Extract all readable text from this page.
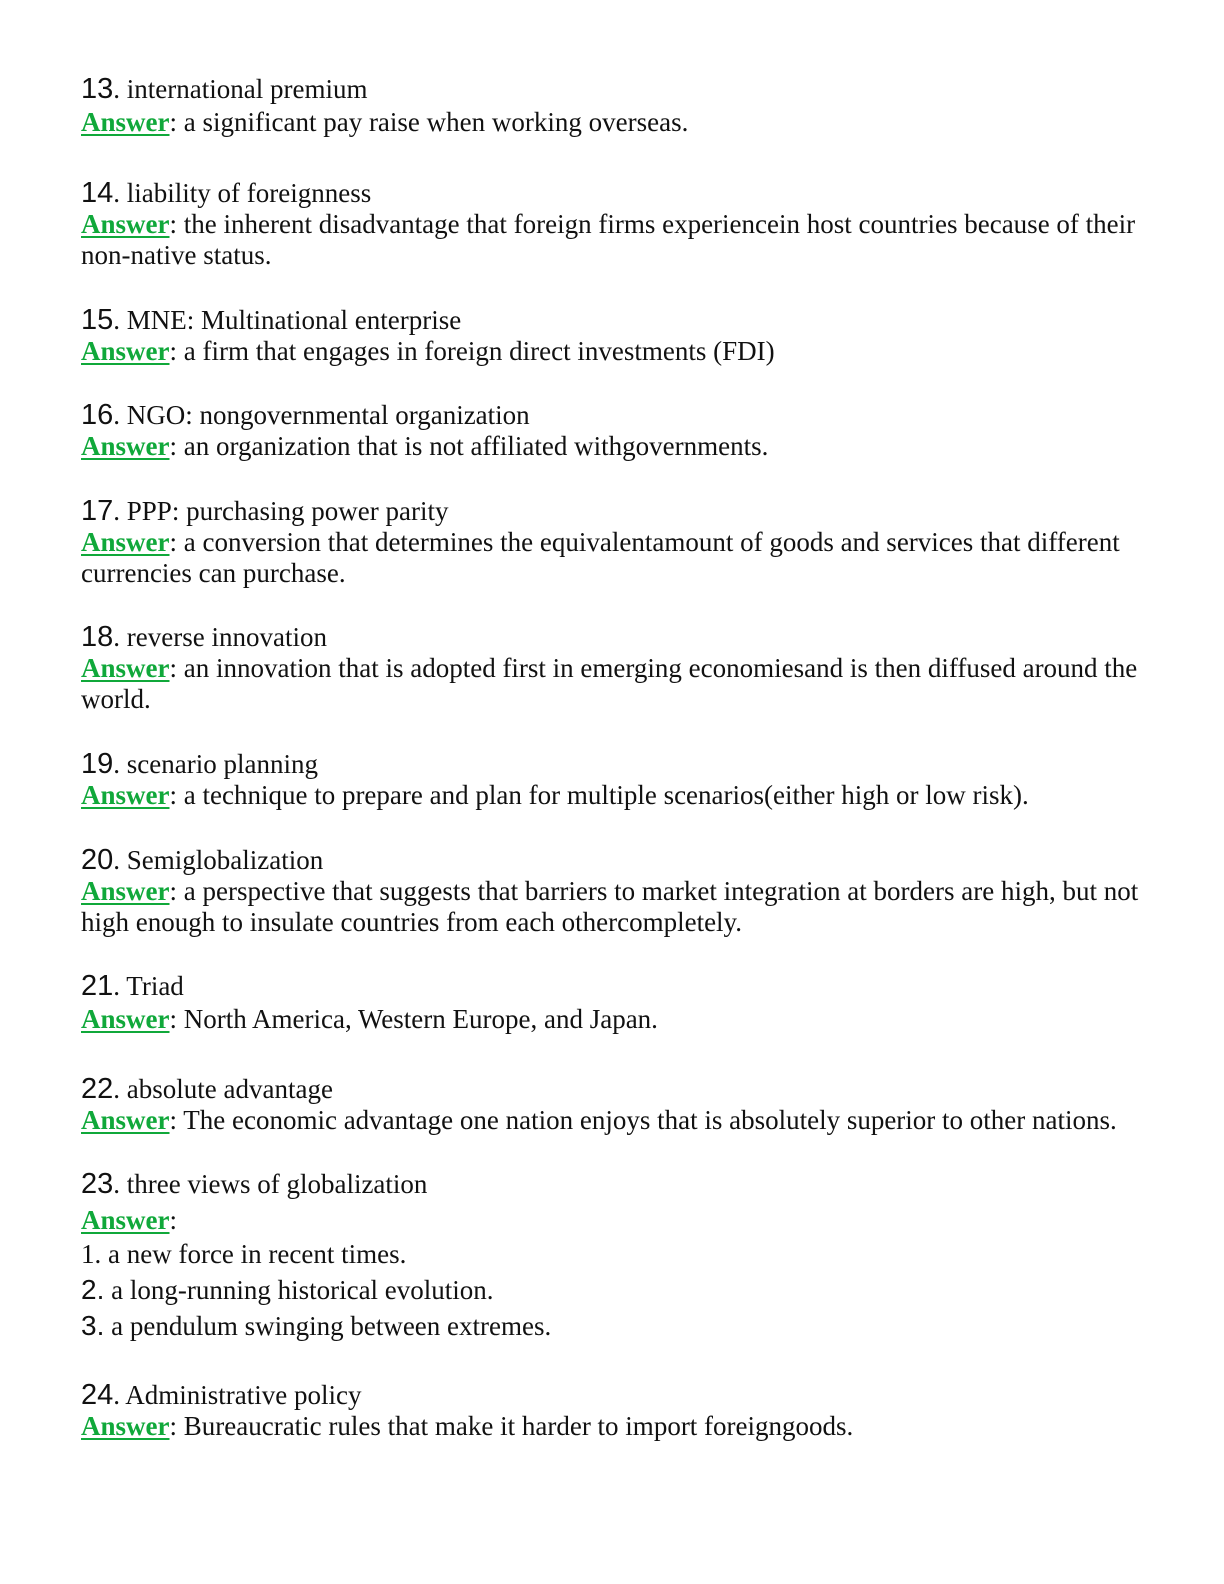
13. international premium
Answer: a significant pay raise when working overseas.
14. liability of foreignness
Answer: the inherent disadvantage that foreign firms experiencein host countries because of their non-native status.
15. MNE: Multinational enterprise
Answer: a firm that engages in foreign direct investments (FDI)
16. NGO: nongovernmental organization
Answer: an organization that is not affiliated withgovernments.
17. PPP: purchasing power parity
Answer: a conversion that determines the equivalentamount of goods and services that different currencies can purchase.
18. reverse innovation
Answer: an innovation that is adopted first in emerging economiesand is then diffused around the world.
19. scenario planning
Answer: a technique to prepare and plan for multiple scenarios(either high or low risk).
20. Semiglobalization
Answer: a perspective that suggests that barriers to market integration at borders are high, but not high enough to insulate countries from each othercompletely.
21. Triad
Answer: North America, Western Europe, and Japan.
22. absolute advantage
Answer: The economic advantage one nation enjoys that is absolutely superior to other nations.
23. three views of globalization
Answer:
1. a new force in recent times.
2. a long-running historical evolution.
3. a pendulum swinging between extremes.
24. Administrative policy
Answer: Bureaucratic rules that make it harder to import foreigngoods.
